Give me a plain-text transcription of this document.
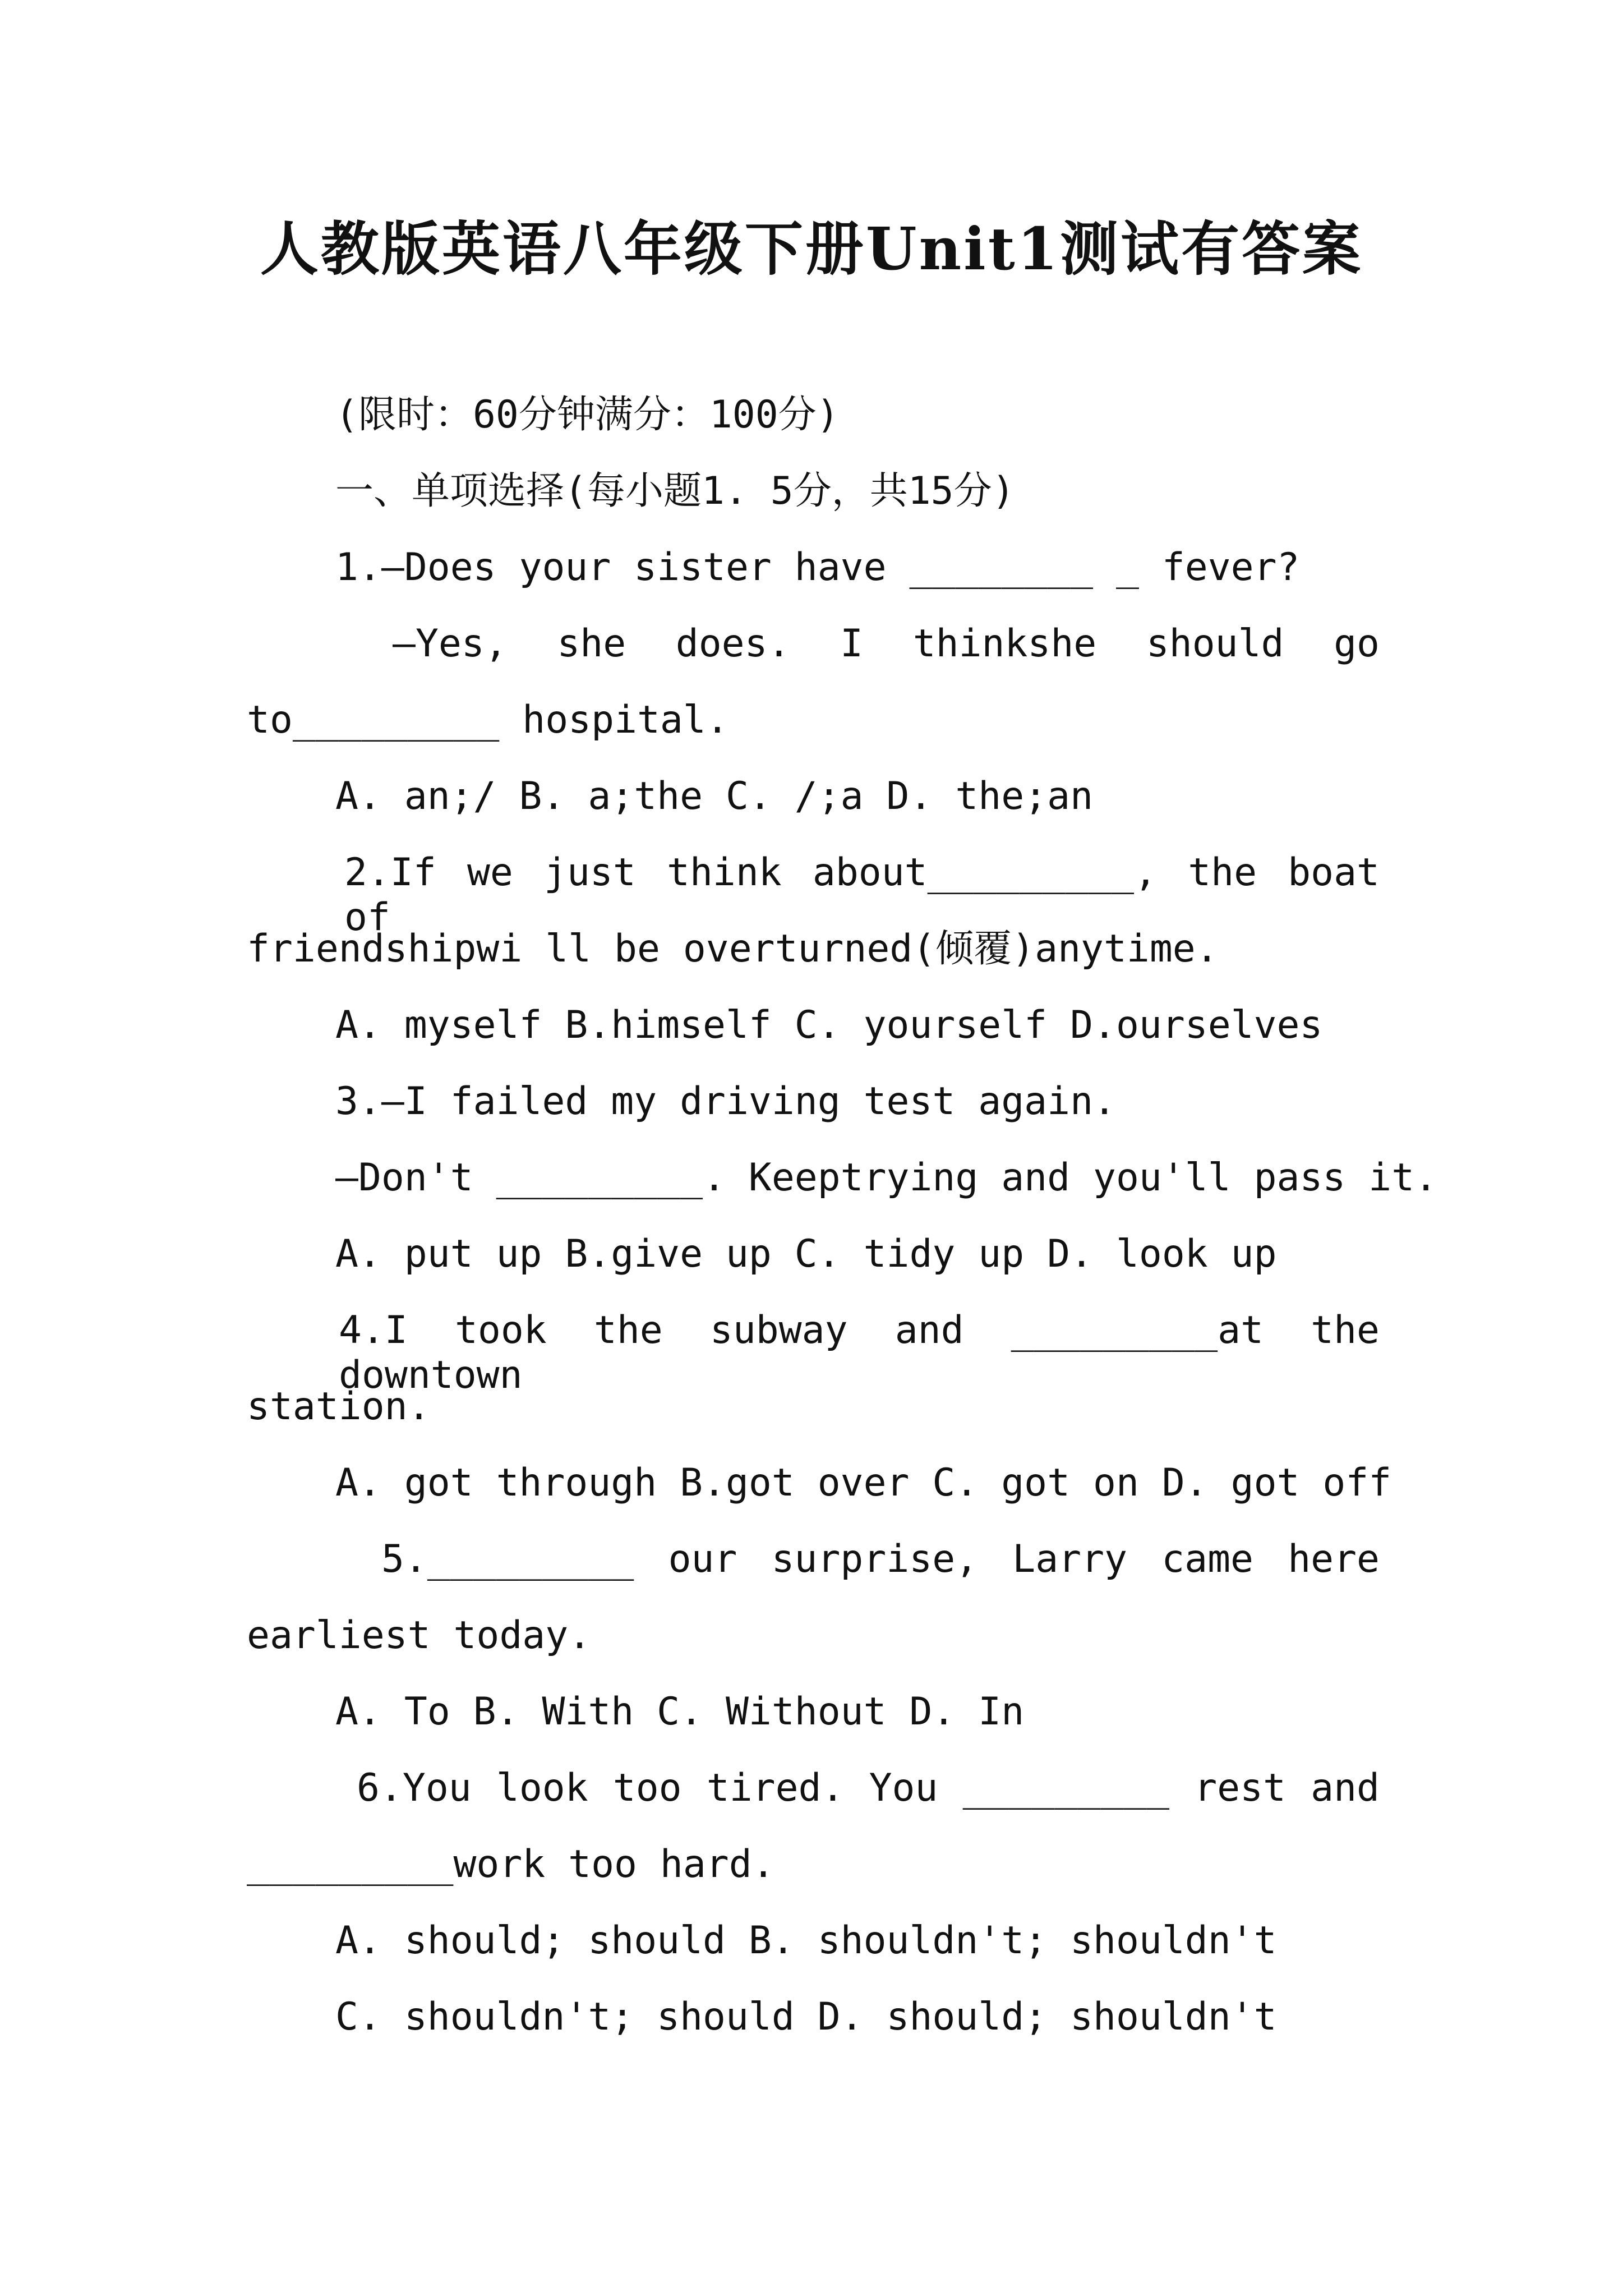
人教版英语八年级下册Unit1测试有答案
(限时：60分钟满分：100分)
一、单项选择(每小题1. 5分，共15分)
1.—Does your sister have ________ _ fever?
—Yes, she does. I thinkshe should go
to_________ hospital.
A. an;/ B. a;the C. /;a D. the;an
2.If we just think about_________, the boat of
friendshipwi ll be overturned(倾覆)anytime.
A. myself B.himself C. yourself D.ourselves
3.—I failed my driving test again.
—Don't _________. Keeptrying and you'll pass it.
A. put up B.give up C. tidy up D. look up
4.I took the subway and _________at the downtown
station.
A. got through B.got over C. got on D. got off
5._________ our surprise, Larry came here
earliest today.
A. To B. With C. Without D. In
6.You look too tired. You _________ rest and
_________work too hard.
A. should; should B. shouldn't; shouldn't
C. shouldn't; should D. should; shouldn't
